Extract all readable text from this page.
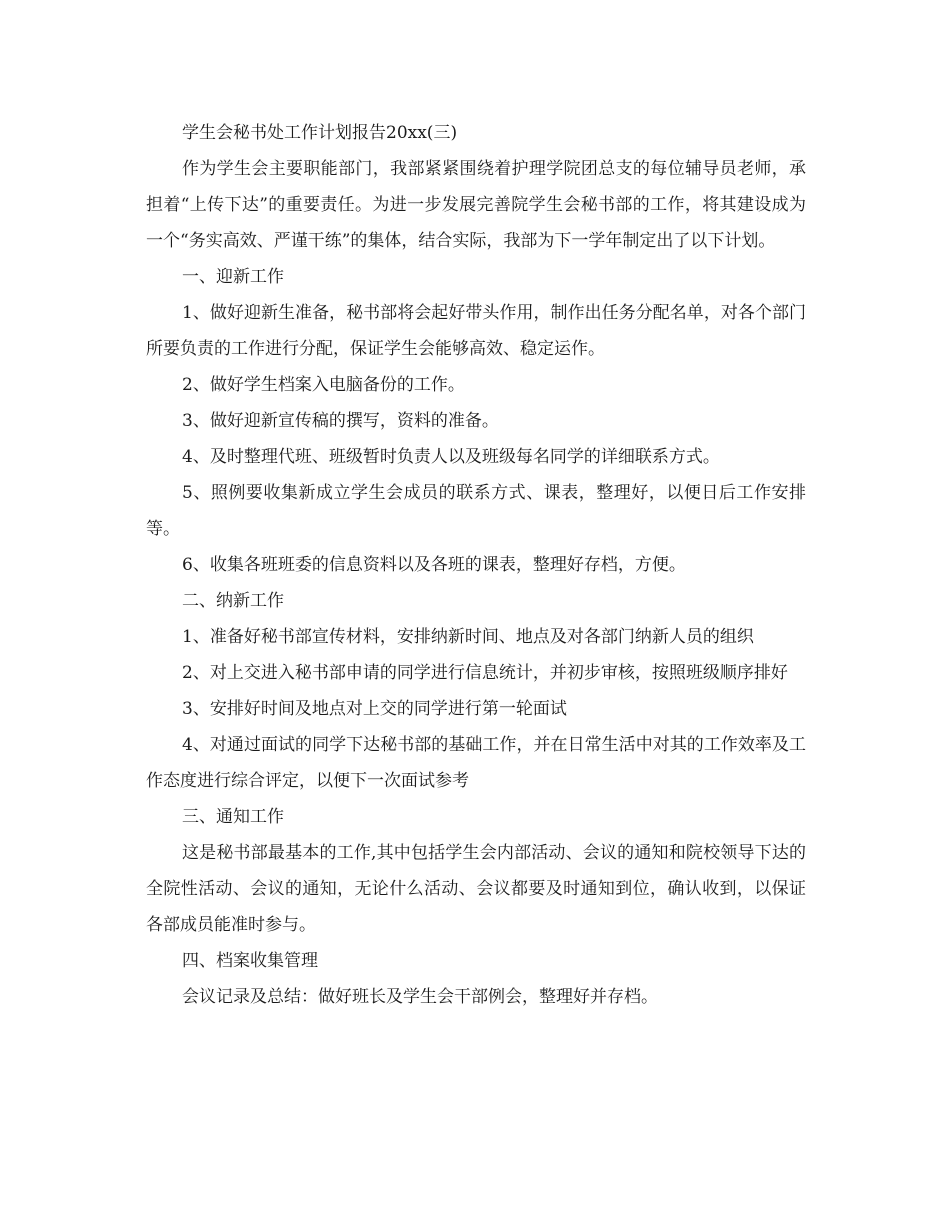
学生会秘书处工作计划报告20xx(三)

作为学生会主要职能部门，我部紧紧围绕着护理学院团总支的每位辅导员老师，承担着“上传下达”的重要责任。为进一步发展完善院学生会秘书部的工作，将其建设成为一个“务实高效、严谨干练”的集体，结合实际，我部为下一学年制定出了以下计划。

一、迎新工作

1、做好迎新生准备，秘书部将会起好带头作用，制作出任务分配名单，对各个部门所要负责的工作进行分配，保证学生会能够高效、稳定运作。

2、做好学生档案入电脑备份的工作。

3、做好迎新宣传稿的撰写，资料的准备。

4、及时整理代班、班级暂时负责人以及班级每名同学的详细联系方式。

5、照例要收集新成立学生会成员的联系方式、课表，整理好，以便日后工作安排等。

6、收集各班班委的信息资料以及各班的课表，整理好存档，方便。

二、纳新工作

1、准备好秘书部宣传材料，安排纳新时间、地点及对各部门纳新人员的组织

2、对上交进入秘书部申请的同学进行信息统计，并初步审核，按照班级顺序排好

3、安排好时间及地点对上交的同学进行第一轮面试

4、对通过面试的同学下达秘书部的基础工作，并在日常生活中对其的工作效率及工作态度进行综合评定，以便下一次面试参考

三、通知工作

这是秘书部最基本的工作,其中包括学生会内部活动、会议的通知和院校领导下达的全院性活动、会议的通知，无论什么活动、会议都要及时通知到位，确认收到，以保证各部成员能准时参与。

四、档案收集管理

会议记录及总结：做好班长及学生会干部例会，整理好并存档。
